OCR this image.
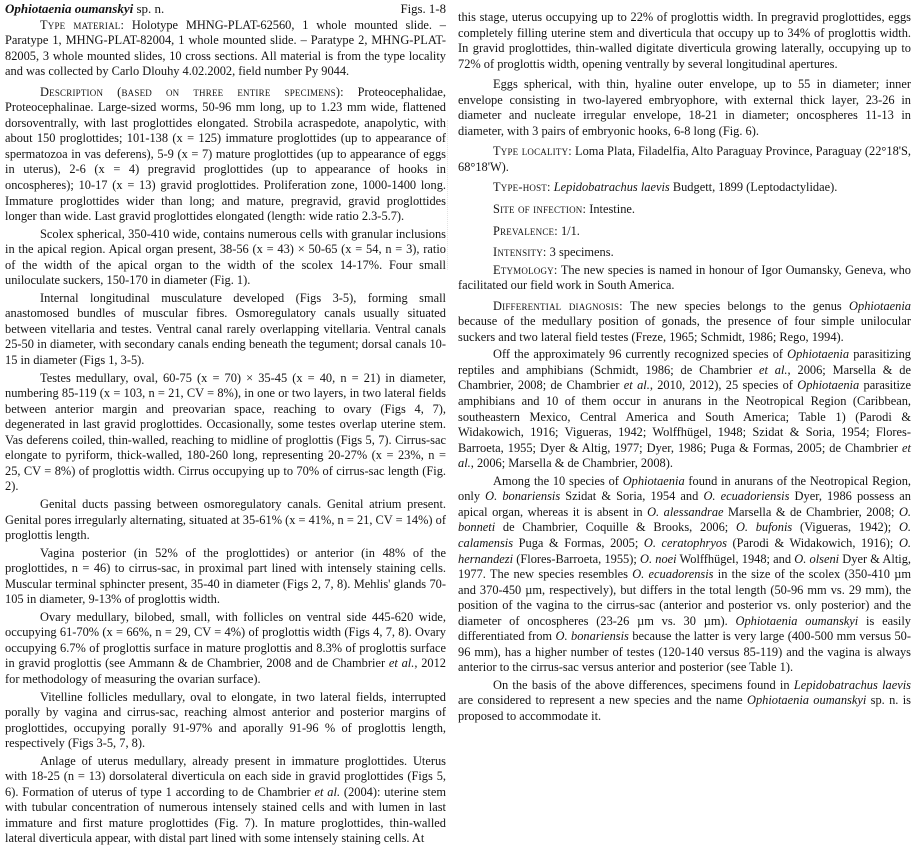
Ophiotaenia oumanskyi sp. n.	Figs. 1-8

Type material: Holotype MHNG-PLAT-62560, 1 whole mounted slide. – Paratype 1, MHNG-PLAT-82004, 1 whole mounted slide. – Paratype 2, MHNG-PLAT-82005, 3 whole mounted slides, 10 cross sections. All material is from the type locality and was collected by Carlo Dlouhy 4.02.2002, field number Py 9044.

Description (based on three entire specimens): Proteocephalidae, Proteocephalinae. Large-sized worms, 50-96 mm long, up to 1.23 mm wide, flattened dorsoventrally, with last proglottides elongated. Strobila acraspedote, anapolytic, with about 150 proglottides; 101-138 (x = 125) immature proglottides (up to appearance of spermatozoa in vas deferens), 5-9 (x = 7) mature proglottides (up to appearance of eggs in uterus), 2-6 (x = 4) pregravid proglottides (up to appearance of hooks in oncospheres); 10-17 (x = 13) gravid proglottides. Proliferation zone, 1000-1400 long. Immature proglottides wider than long; and mature, pregravid, gravid proglottides longer than wide. Last gravid proglottides elongated (length: wide ratio 2.3-5.7).

Scolex spherical, 350-410 wide, contains numerous cells with granular inclusions in the apical region. Apical organ present, 38-56 (x = 43) × 50-65 (x = 54, n = 3), ratio of the width of the apical organ to the width of the scolex 14-17%. Four small uniloculate suckers, 150-170 in diameter (Fig. 1).

Internal longitudinal musculature developed (Figs 3-5), forming small anastomosed bundles of muscular fibres. Osmoregulatory canals usually situated between vitellaria and testes. Ventral canal rarely overlapping vitellaria. Ventral canals 25-50 in diameter, with secondary canals ending beneath the tegument; dorsal canals 10-15 in diameter (Figs 1, 3-5).

Testes medullary, oval, 60-75 (x = 70) × 35-45 (x = 40, n = 21) in diameter, numbering 85-119 (x = 103, n = 21, CV = 8%), in one or two layers, in two lateral fields between anterior margin and preovarian space, reaching to ovary (Figs 4, 7), degenerated in last gravid proglottides. Occasionally, some testes overlap uterine stem. Vas deferens coiled, thin-walled, reaching to midline of proglottis (Figs 5, 7). Cirrus-sac elongate to pyriform, thick-walled, 180-260 long, representing 20-27% (x = 23%, n = 25, CV = 8%) of proglottis width. Cirrus occupying up to 70% of cirrus-sac length (Fig. 2).

Genital ducts passing between osmoregulatory canals. Genital atrium present. Genital pores irregularly alternating, situated at 35-61% (x = 41%, n = 21, CV = 14%) of proglottis length.

Vagina posterior (in 52% of the proglottides) or anterior (in 48% of the proglottides, n = 46) to cirrus-sac, in proximal part lined with intensely staining cells. Muscular terminal sphincter present, 35-40 in diameter (Figs 2, 7, 8). Mehlis' glands 70-105 in diameter, 9-13% of proglottis width.

Ovary medullary, bilobed, small, with follicles on ventral side 445-620 wide, occupying 61-70% (x = 66%, n = 29, CV = 4%) of proglottis width (Figs 4, 7, 8). Ovary occupying 6.7% of proglottis surface in mature proglottis and 8.3% of proglottis surface in gravid proglottis (see Ammann & de Chambrier, 2008 and de Chambrier et al., 2012 for methodology of measuring the ovarian surface).

Vitelline follicles medullary, oval to elongate, in two lateral fields, interrupted porally by vagina and cirrus-sac, reaching almost anterior and posterior margins of proglottides, occupying porally 91-97% and aporally 91-96 % of proglottis length, respectively (Figs 3-5, 7, 8).

Anlage of uterus medullary, already present in immature proglottides. Uterus with 18-25 (n = 13) dorsolateral diverticula on each side in gravid proglottides (Figs 5, 6). Formation of uterus of type 1 according to de Chambrier et al. (2004): uterine stem with tubular concentration of numerous intensely stained cells and with lumen in last immature and first mature proglottides (Fig. 7). In mature proglottides, thin-walled lateral diverticula appear, with distal part lined with some intensely staining cells. At

this stage, uterus occupying up to 22% of proglottis width. In pregravid proglottides, eggs completely filling uterine stem and diverticula that occupy up to 34% of proglottis width. In gravid proglottides, thin-walled digitate diverticula growing laterally, occupying up to 72% of proglottis width, opening ventrally by several longitudinal apertures.

Eggs spherical, with thin, hyaline outer envelope, up to 55 in diameter; inner envelope consisting in two-layered embryophore, with external thick layer, 23-26 in diameter and nucleate irregular envelope, 18-21 in diameter; oncospheres 11-13 in diameter, with 3 pairs of embryonic hooks, 6-8 long (Fig. 6).

Type locality: Loma Plata, Filadelfia, Alto Paraguay Province, Paraguay (22°18'S, 68°18'W).

Type-host: Lepidobatrachus laevis Budgett, 1899 (Leptodactylidae).

Site of infection: Intestine.

Prevalence: 1/1.

Intensity: 3 specimens.

Etymology: The new species is named in honour of Igor Oumansky, Geneva, who facilitated our field work in South America.

Differential diagnosis: The new species belongs to the genus Ophiotaenia because of the medullary position of gonads, the presence of four simple unilocular suckers and two lateral field testes (Freze, 1965; Schmidt, 1986; Rego, 1994).

Off the approximately 96 currently recognized species of Ophiotaenia parasitizing reptiles and amphibians (Schmidt, 1986; de Chambrier et al., 2006; Marsella & de Chambrier, 2008; de Chambrier et al., 2010, 2012), 25 species of Ophiotaenia parasitize amphibians and 10 of them occur in anurans in the Neotropical Region (Caribbean, southeastern Mexico, Central America and South America; Table 1) (Parodi & Widakowich, 1916; Vigueras, 1942; Wolffhügel, 1948; Szidat & Soria, 1954; Flores-Barroeta, 1955; Dyer & Altig, 1977; Dyer, 1986; Puga & Formas, 2005; de Chambrier et al., 2006; Marsella & de Chambrier, 2008).

Among the 10 species of Ophiotaenia found in anurans of the Neotropical Region, only O. bonariensis Szidat & Soria, 1954 and O. ecuadoriensis Dyer, 1986 possess an apical organ, whereas it is absent in O. alessandrae Marsella & de Chambrier, 2008; O. bonneti de Chambrier, Coquille & Brooks, 2006; O. bufonis (Vigueras, 1942); O. calamensis Puga & Formas, 2005; O. ceratophryos (Parodi & Widakowich, 1916); O. hernandezi (Flores-Barroeta, 1955); O. noei Wolffhügel, 1948; and O. olseni Dyer & Altig, 1977. The new species resembles O. ecuadorensis in the size of the scolex (350-410 µm and 370-450 µm, respectively), but differs in the total length (50-96 mm vs. 29 mm), the position of the vagina to the cirrus-sac (anterior and posterior vs. only posterior) and the diameter of oncospheres (23-26 µm vs. 30 µm). Ophiotaenia oumanskyi is easily differentiated from O. bonariensis because the latter is very large (400-500 mm versus 50-96 mm), has a higher number of testes (120-140 versus 85-119) and the vagina is always anterior to the cirrus-sac versus anterior and posterior (see Table 1).

On the basis of the above differences, specimens found in Lepidobatrachus laevis are considered to represent a new species and the name Ophiotaenia oumanskyi sp. n. is proposed to accommodate it.
